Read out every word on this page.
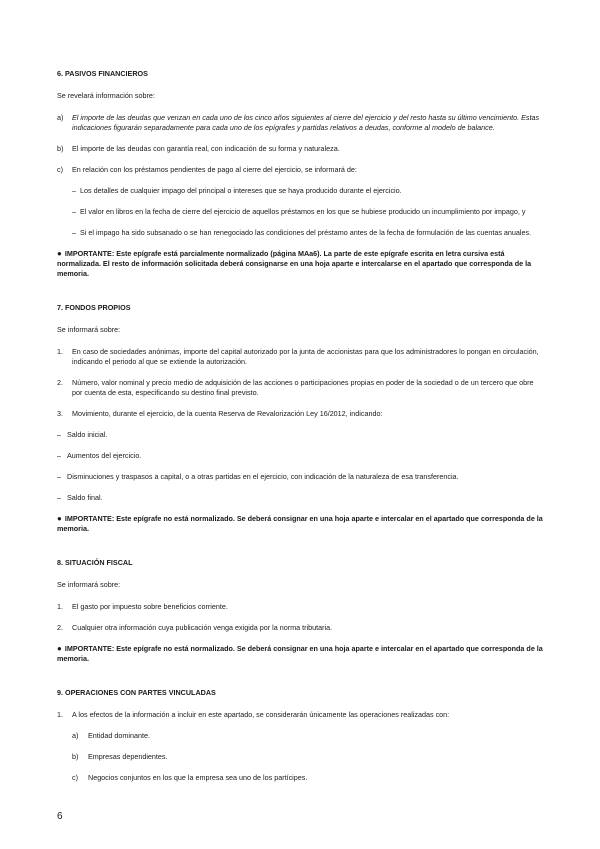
6. PASIVOS FINANCIEROS
Se revelará información sobre:
a) El importe de las deudas que venzan en cada uno de los cinco años siguientes al cierre del ejercicio y del resto hasta su último vencimiento. Estas indicaciones figurarán separadamente para cada uno de los epígrafes y partidas relativos a deudas, conforme al modelo de balance.
b) El importe de las deudas con garantía real, con indicación de su forma y naturaleza.
c) En relación con los préstamos pendientes de pago al cierre del ejercicio, se informará de:
– Los detalles de cualquier impago del principal o intereses que se haya producido durante el ejercicio.
– El valor en libros en la fecha de cierre del ejercicio de aquellos préstamos en los que se hubiese producido un incumplimiento por impago, y
– Si el impago ha sido subsanado o se han renegociado las condiciones del préstamo antes de la fecha de formulación de las cuentas anuales.
● IMPORTANTE: Este epígrafe está parcialmente normalizado (página MAa6). La parte de este epígrafe escrita en letra cursiva está normalizada. El resto de información solicitada deberá consignarse en una hoja aparte e intercalarse en el apartado que corresponda de la memoria.
7. FONDOS PROPIOS
Se informará sobre:
1. En caso de sociedades anónimas, importe del capital autorizado por la junta de accionistas para que los administradores lo pongan en circulación, indicando el periodo al que se extiende la autorización.
2. Número, valor nominal y precio medio de adquisición de las acciones o participaciones propias en poder de la sociedad o de un tercero que obre por cuenta de esta, especificando su destino final previsto.
3. Movimiento, durante el ejercicio, de la cuenta Reserva de Revalorización Ley 16/2012, indicando:
– Saldo inicial.
– Aumentos del ejercicio.
– Disminuciones y traspasos a capital, o a otras partidas en el ejercicio, con indicación de la naturaleza de esa transferencia.
– Saldo final.
● IMPORTANTE: Este epígrafe no está normalizado. Se deberá consignar en una hoja aparte e intercalar en el apartado que corresponda de la memoria.
8. SITUACIÓN FISCAL
Se informará sobre:
1. El gasto por impuesto sobre beneficios corriente.
2. Cualquier otra información cuya publicación venga exigida por la norma tributaria.
● IMPORTANTE: Este epígrafe no está normalizado. Se deberá consignar en una hoja aparte e intercalar en el apartado que corresponda de la memoria.
9. OPERACIONES CON PARTES VINCULADAS
1. A los efectos de la información a incluir en este apartado, se considerarán únicamente las operaciones realizadas con:
a) Entidad dominante.
b) Empresas dependientes.
c) Negocios conjuntos en los que la empresa sea uno de los partícipes.
6
